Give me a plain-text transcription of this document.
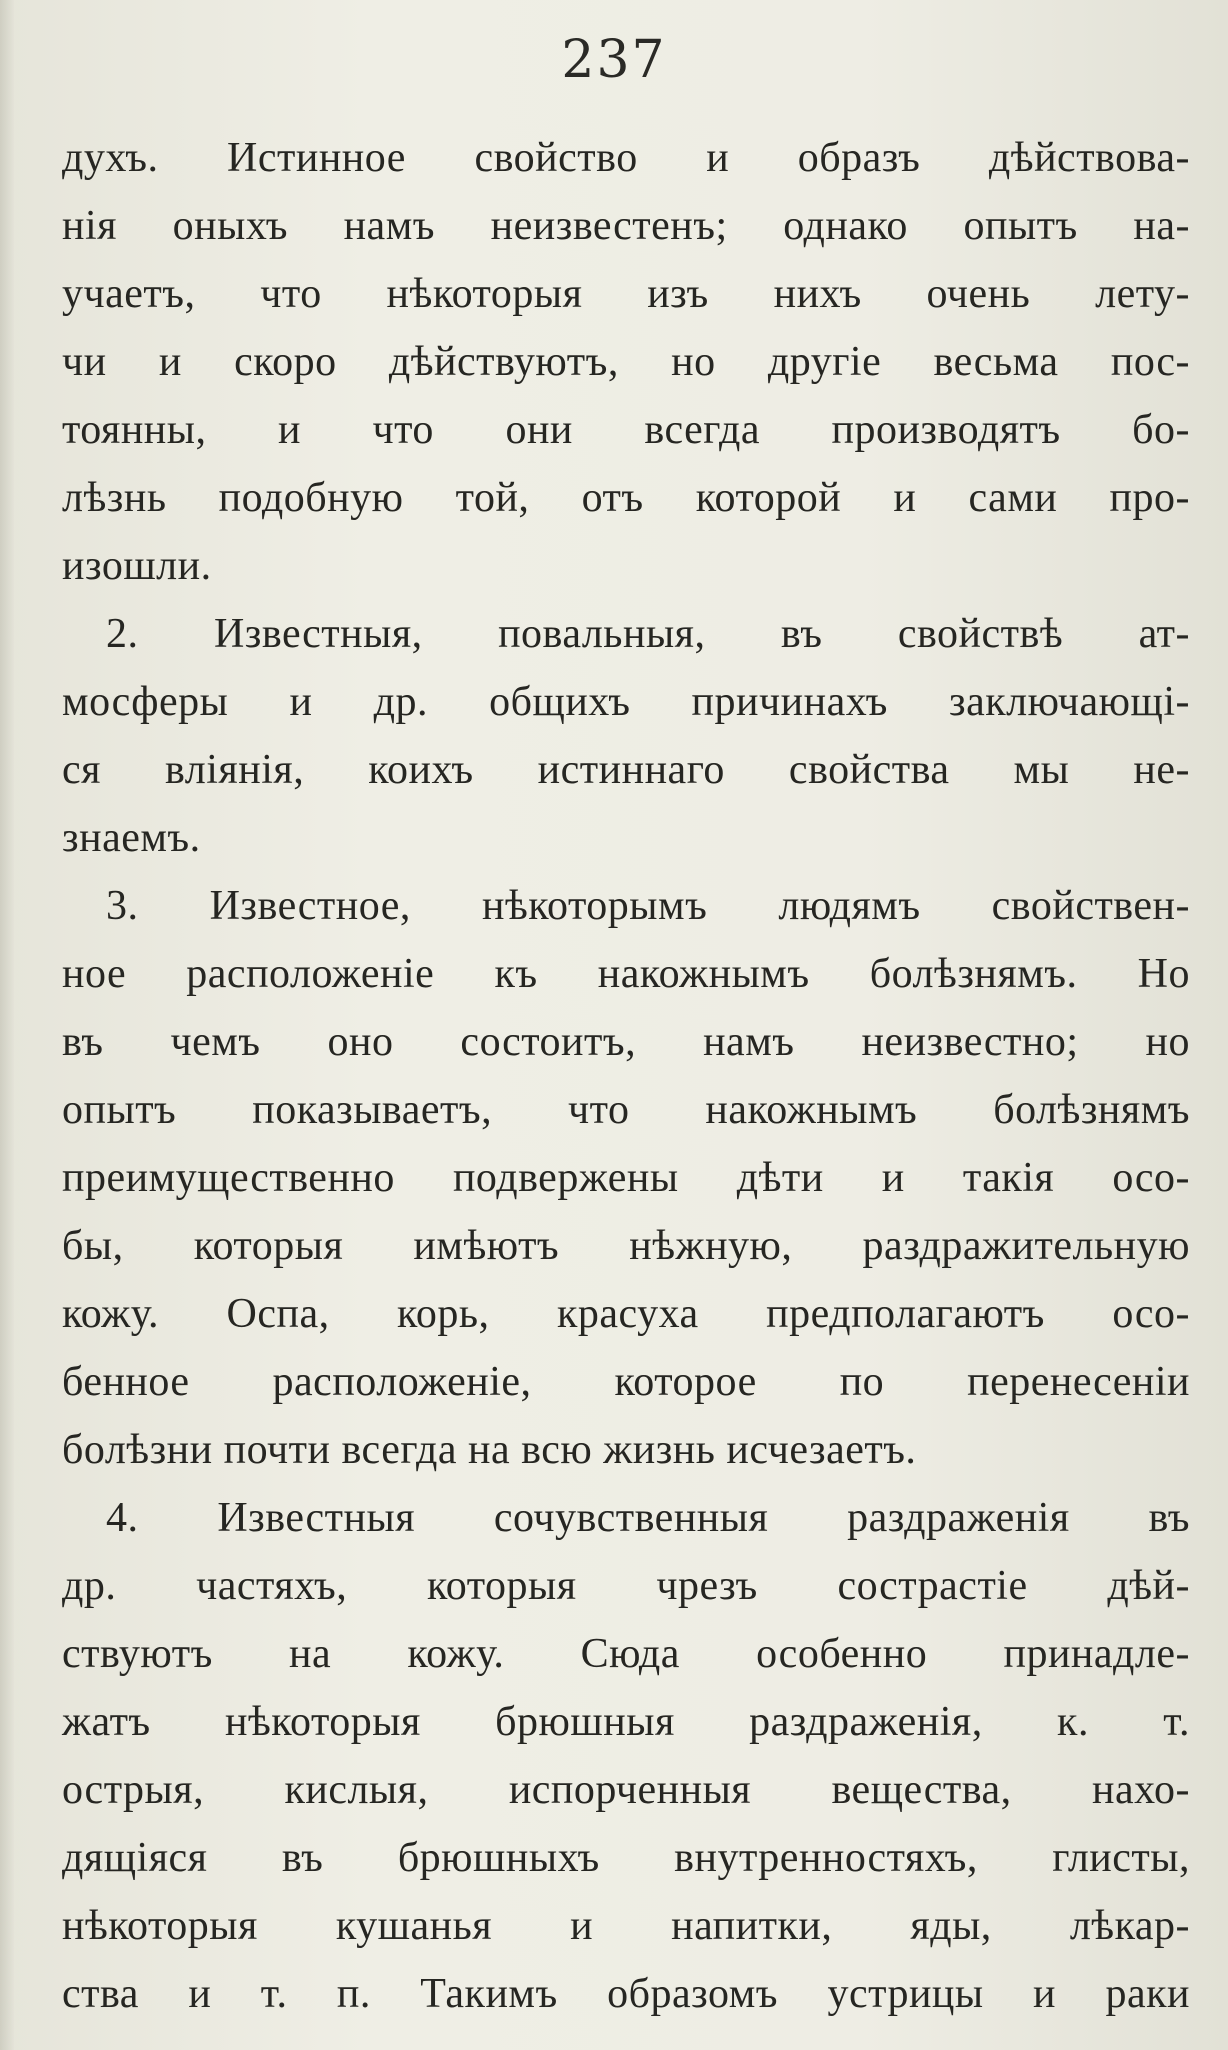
237
духъ. Истинное свойство и образъ дѣйствова-
нія оныхъ намъ неизвестенъ; однако опытъ на-
учаетъ, что нѣкоторыя изъ нихъ очень лету-
чи и скоро дѣйствуютъ, но другіе весьма пос-
тоянны, и что они всегда производятъ бо-
лѣзнь подобную той, отъ которой и сами про-
изошли.
2. Известныя, повальныя, въ свойствѣ ат-
мосферы и др. общихъ причинахъ заключающі-
ся вліянія, коихъ истиннаго свойства мы не-
знаемъ.
3. Известное, нѣкоторымъ людямъ свойствен-
ное расположеніе къ накожнымъ болѣзнямъ. Но
въ чемъ оно состоитъ, намъ неизвестно; но
опытъ показываетъ, что накожнымъ болѣзнямъ
преимущественно подвержены дѣти и такія осо-
бы, которыя имѣютъ нѣжную, раздражительную
кожу. Оспа, корь, красуха предполагаютъ осо-
бенное расположеніе, которое по перенесеніи
болѣзни почти всегда на всю жизнь исчезаетъ.
4. Известныя сочувственныя раздраженія въ
др. частяхъ, которыя чрезъ сострастіе дѣй-
ствуютъ на кожу. Сюда особенно принадле-
жатъ нѣкоторыя брюшныя раздраженія, к. т.
острыя, кислыя, испорченныя вещества, нахо-
дящіяся въ брюшныхъ внутренностяхъ, глисты,
нѣкоторыя кушанья и напитки, яды, лѣкар-
ства и т. п. Такимъ образомъ устрицы и раки
